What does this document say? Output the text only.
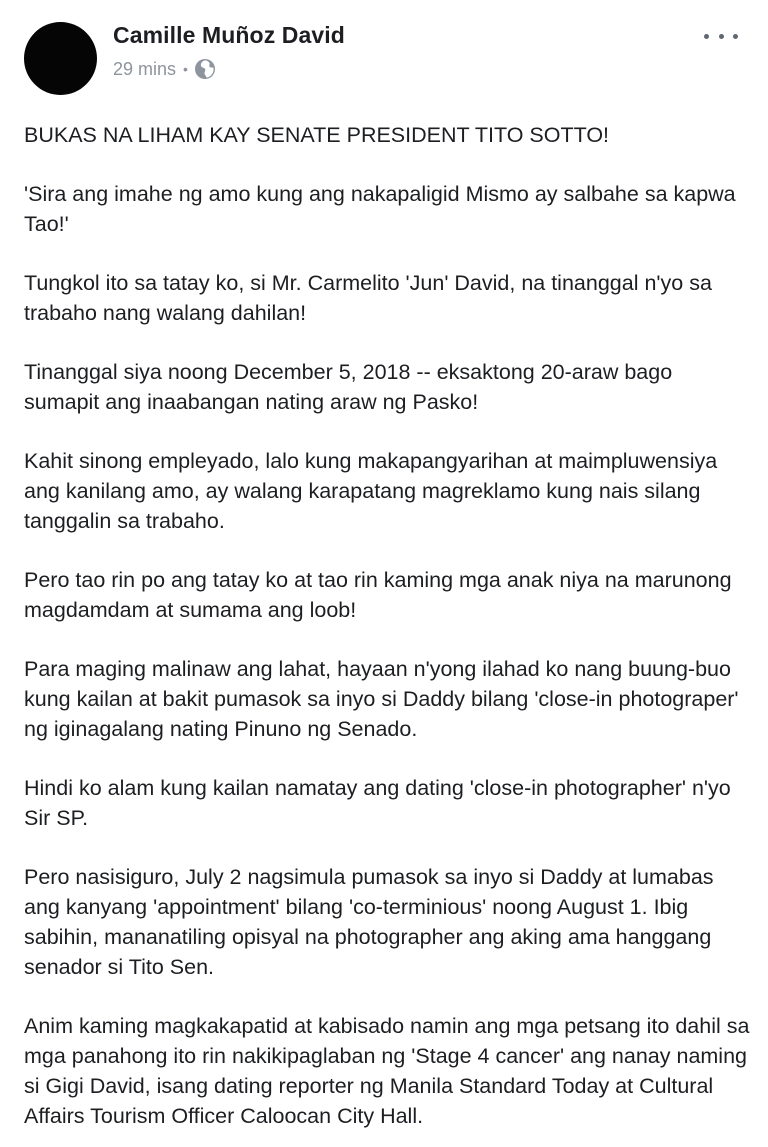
Camille Muñoz David
29 mins •

BUKAS NA LIHAM KAY SENATE PRESIDENT TITO SOTTO!

'Sira ang imahe ng amo kung ang nakapaligid Mismo ay salbahe sa kapwa Tao!'

Tungkol ito sa tatay ko, si Mr. Carmelito 'Jun' David, na tinanggal n'yo sa trabaho nang walang dahilan!

Tinanggal siya noong December 5, 2018 -- eksaktong 20-araw bago sumapit ang inaabangan nating araw ng Pasko!

Kahit sinong empleyado, lalo kung makapangyarihan at maimpluwensiya ang kanilang amo, ay walang karapatang magreklamo kung nais silang tanggalin sa trabaho.

Pero tao rin po ang tatay ko at tao rin kaming mga anak niya na marunong magdamdam at sumama ang loob!

Para maging malinaw ang lahat, hayaan n'yong ilahad ko nang buung-buo kung kailan at bakit pumasok sa inyo si Daddy bilang 'close-in photograper' ng iginagalang nating Pinuno ng Senado.

Hindi ko alam kung kailan namatay ang dating 'close-in photographer' n'yo Sir SP.

Pero nasisiguro, July 2 nagsimula pumasok sa inyo si Daddy at lumabas ang kanyang 'appointment' bilang 'co-terminious' noong August 1. Ibig sabihin, mananatiling opisyal na photographer ang aking ama hanggang senador si Tito Sen.

Anim kaming magkakapatid at kabisado namin ang mga petsang ito dahil sa mga panahong ito rin nakikipaglaban ng 'Stage 4 cancer' ang nanay naming si Gigi David, isang dating reporter ng Manila Standard Today at Cultural Affairs Tourism Officer Caloocan City Hall.
